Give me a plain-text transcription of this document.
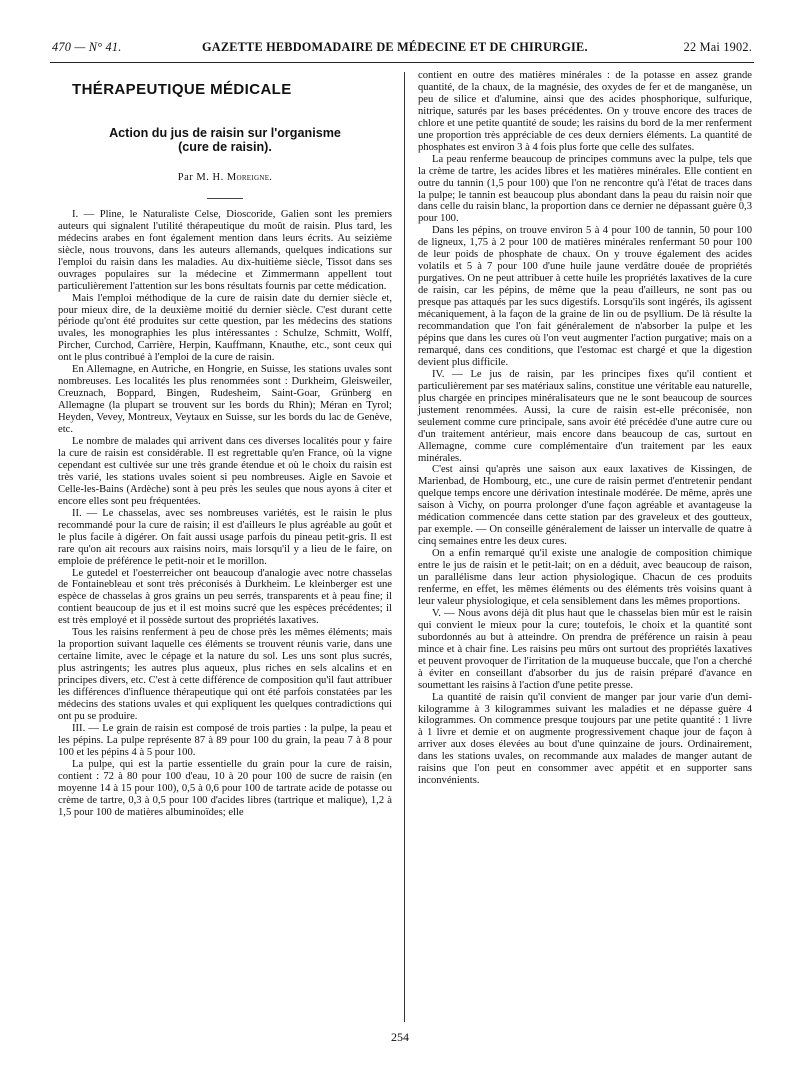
470 — N° 41.	GAZETTE HEBDOMADAIRE DE MÉDECINE ET DE CHIRURGIE.	22 Mai 1902.
THÉRAPEUTIQUE MÉDICALE
Action du jus de raisin sur l'organisme
(cure de raisin).
Par M. H. Moreigne.

I. — Pline, le Naturaliste Celse, Dioscoride, Galien sont les premiers auteurs qui signalent l'utilité thérapeutique du moût de raisin. Plus tard, les médecins arabes en font également mention dans leurs écrits. Au seizième siècle, nous trouvons, dans les auteurs allemands, quelques indications sur l'emploi du raisin dans les maladies. Au dix-huitième siècle, Tissot dans ses ouvrages populaires sur la médecine et Zimmermann appellent tout particulièrement l'attention sur les bons résultats fournis par cette médication.

Mais l'emploi méthodique de la cure de raisin date du dernier siècle et, pour mieux dire, de la deuxième moitié du dernier siècle. C'est durant cette période qu'ont été produites sur cette question, par les médecins des stations uvales, les monographies les plus intéressantes : Schulze, Schmitt, Wolff, Pircher, Curchod, Carrière, Herpin, Kauffmann, Knauthe, etc., sont ceux qui ont le plus contribué à l'emploi de la cure de raisin.

En Allemagne, en Autriche, en Hongrie, en Suisse, les stations uvales sont nombreuses. Les localités les plus renommées sont : Durkheim, Gleisweiler, Creuznach, Boppard, Bingen, Rudesheim, Saint-Goar, Grünberg en Allemagne (la plupart se trouvent sur les bords du Rhin); Méran en Tyrol; Heyden, Vevey, Montreux, Veytaux en Suisse, sur les bords du lac de Genève, etc.

Le nombre de malades qui arrivent dans ces diverses localités pour y faire la cure de raisin est considérable. Il est regrettable qu'en France, où la vigne cependant est cultivée sur une très grande étendue et où le choix du raisin est très varié, les stations uvales soient si peu nombreuses. Aigle en Savoie et Celle-les-Bains (Ardèche) sont à peu près les seules que nous ayons à citer et encore elles sont peu fréquentées.

II. — Le chasselas, avec ses nombreuses variétés, est le raisin le plus recommandé pour la cure de raisin; il est d'ailleurs le plus agréable au goût et le plus facile à digérer. On fait aussi usage parfois du pineau petit-gris. Il est rare qu'on ait recours aux raisins noirs, mais lorsqu'il y a lieu de le faire, on emploie de préférence le petit-noir et le morillon.

Le gutedel et l'oesterreicher ont beaucoup d'analogie avec notre chasselas de Fontainebleau et sont très préconisés à Durkheim. Le kleinberger est une espèce de chasselas à gros grains un peu serrés, transparents et à peau fine; il contient beaucoup de jus et il est moins sucré que les espèces précédentes; il est très employé et il possède surtout des propriétés laxatives.

Tous les raisins renferment à peu de chose près les mêmes éléments; mais la proportion suivant laquelle ces éléments se trouvent réunis varie, dans une certaine limite, avec le cépage et la nature du sol. Les uns sont plus sucrés, plus astringents; les autres plus aqueux, plus riches en sels alcalins et en principes divers, etc. C'est à cette différence de composition qu'il faut attribuer les différences d'influence thérapeutique qui ont été parfois constatées par les médecins des stations uvales et qui expliquent les quelques contradictions qui ont pu se produire.

III. — Le grain de raisin est composé de trois parties : la pulpe, la peau et les pépins. La pulpe représente 87 à 89 pour 100 du grain, la peau 7 à 8 pour 100 et les pépins 4 à 5 pour 100.

La pulpe, qui est la partie essentielle du grain pour la cure de raisin, contient : 72 à 80 pour 100 d'eau, 10 à 20 pour 100 de sucre de raisin (en moyenne 14 à 15 pour 100), 0,5 à 0,6 pour 100 de tartrate acide de potasse ou crème de tartre, 0,3 à 0,5 pour 100 d'acides libres (tartrique et malique), 1,2 à 1,5 pour 100 de matières albuminoïdes; elle

contient en outre des matières minérales : de la potasse en assez grande quantité, de la chaux, de la magnésie, des oxydes de fer et de manganèse, un peu de silice et d'alumine, ainsi que des acides phosphorique, sulfurique, nitrique, saturés par les bases précédentes. On y trouve encore des traces de chlore et une petite quantité de soude; les raisins du bord de la mer renferment une proportion très appréciable de ces deux derniers éléments. La quantité de phosphates est environ 3 à 4 fois plus forte que celle des sulfates.

La peau renferme beaucoup de principes communs avec la pulpe, tels que la crème de tartre, les acides libres et les matières minérales. Elle contient en outre du tannin (1,5 pour 100) que l'on ne rencontre qu'à l'état de traces dans la pulpe; le tannin est beaucoup plus abondant dans la peau du raisin noir que dans celle du raisin blanc, la proportion dans ce dernier ne dépassant guère 0,3 pour 100.

Dans les pépins, on trouve environ 5 à 4 pour 100 de tannin, 50 pour 100 de ligneux, 1,75 à 2 pour 100 de matières minérales renfermant 50 pour 100 de leur poids de phosphate de chaux. On y trouve également des acides volatils et 5 à 7 pour 100 d'une huile jaune verdâtre douée de propriétés purgatives. On ne peut attribuer à cette huile les propriétés laxatives de la cure de raisin, car les pépins, de même que la peau d'ailleurs, ne sont pas ou presque pas attaqués par les sucs digestifs. Lorsqu'ils sont ingérés, ils agissent mécaniquement, à la façon de la graine de lin ou de psyllium. De là résulte la recommandation que l'on fait généralement de n'absorber la pulpe et les pépins que dans les cures où l'on veut augmenter l'action purgative; mais on a remarqué, dans ces conditions, que l'estomac est chargé et que la digestion devient plus difficile.

IV. — Le jus de raisin, par les principes fixes qu'il contient et particulièrement par ses matériaux salins, constitue une véritable eau naturelle, plus chargée en principes minéralisateurs que ne le sont beaucoup de sources justement renommées. Aussi, la cure de raisin est-elle préconisée, non seulement comme cure principale, sans avoir été précédée d'une autre cure ou d'un traitement antérieur, mais encore dans beaucoup de cas, surtout en Allemagne, comme cure complémentaire d'un traitement par les eaux minérales.

C'est ainsi qu'après une saison aux eaux laxatives de Kissingen, de Marienbad, de Hombourg, etc., une cure de raisin permet d'entretenir pendant quelque temps encore une dérivation intestinale modérée. De même, après une saison à Vichy, on pourra prolonger d'une façon agréable et avantageuse la médication commencée dans cette station par des graveleux et des goutteux, par exemple. — On conseille généralement de laisser un intervalle de quatre à cinq semaines entre les deux cures.

On a enfin remarqué qu'il existe une analogie de composition chimique entre le jus de raisin et le petit-lait; on en a déduit, avec beaucoup de raison, un parallélisme dans leur action physiologique. Chacun de ces produits renferme, en effet, les mêmes éléments ou des éléments très voisins quant à leur valeur physiologique, et cela sensiblement dans les mêmes proportions.

V. — Nous avons déjà dit plus haut que le chasselas bien mûr est le raisin qui convient le mieux pour la cure; toutefois, le choix et la quantité sont subordonnés au but à atteindre. On prendra de préférence un raisin à peau mince et à chair fine. Les raisins peu mûrs ont surtout des propriétés laxatives et peuvent provoquer de l'irritation de la muqueuse buccale, que l'on a cherché à éviter en conseillant d'absorber du jus de raisin préparé d'avance en soumettant les raisins à l'action d'une petite presse.

La quantité de raisin qu'il convient de manger par jour varie d'un demi-kilogramme à 3 kilogrammes suivant les maladies et ne dépasse guère 4 kilogrammes. On commence presque toujours par une petite quantité : 1 livre à 1 livre et demie et on augmente progressivement chaque jour de façon à arriver aux doses élevées au bout d'une quinzaine de jours. Ordinairement, dans les stations uvales, on recommande aux malades de manger autant de raisins que l'on peut en consommer avec appétit et en supporter sans inconvénients.

254
